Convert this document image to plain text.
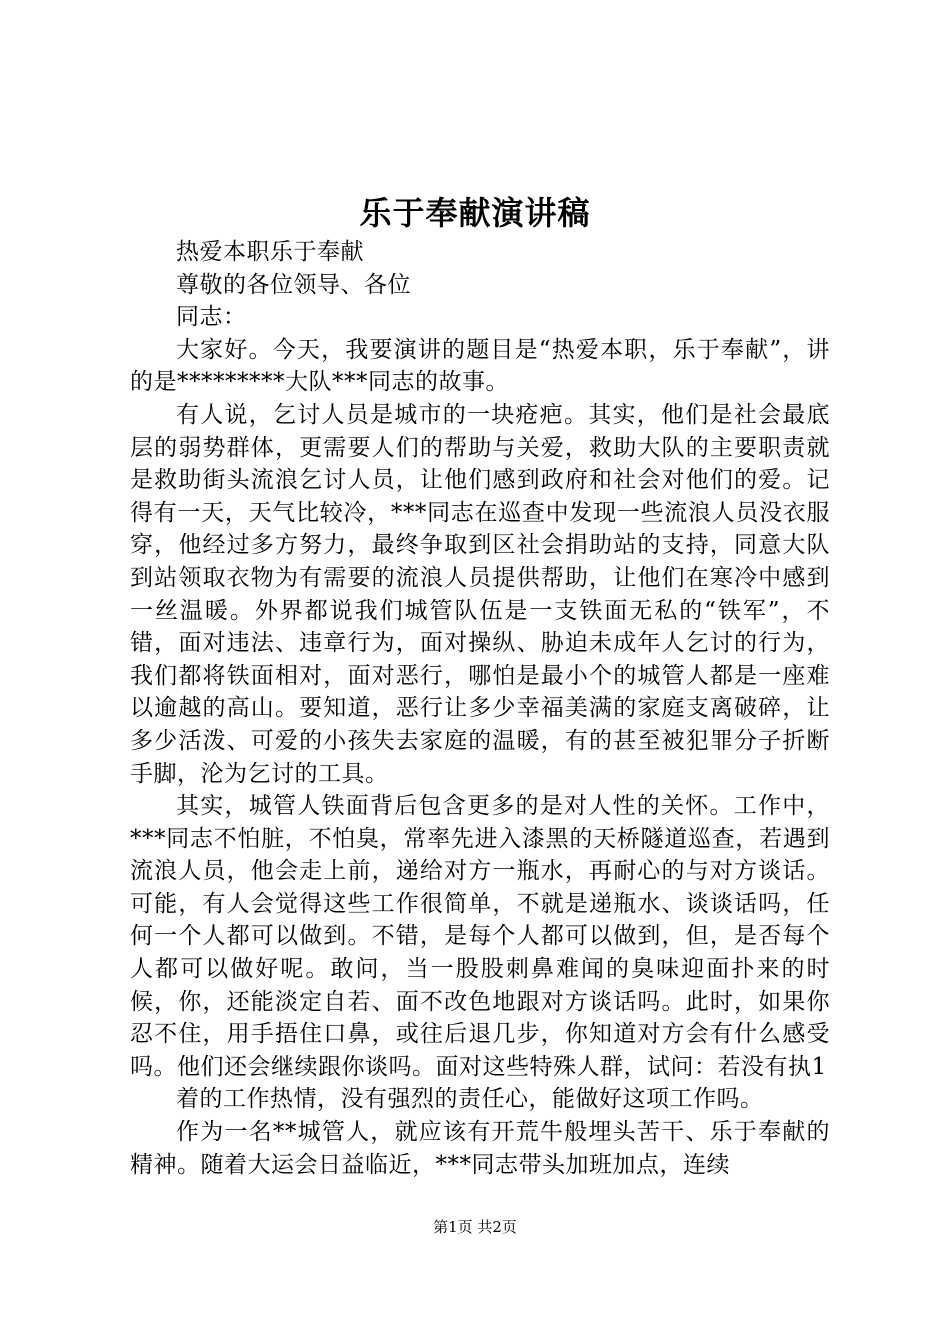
乐于奉献演讲稿

热爱本职乐于奉献

尊敬的各位领导、各位

同志：

大家好。今天，我要演讲的题目是“热爱本职，乐于奉献”，讲的是*********大队***同志的故事。

有人说，乞讨人员是城市的一块疮疤。其实，他们是社会最底层的弱势群体，更需要人们的帮助与关爱，救助大队的主要职责就是救助街头流浪乞讨人员，让他们感到政府和社会对他们的爱。记得有一天，天气比较冷，***同志在巡查中发现一些流浪人员没衣服穿，他经过多方努力，最终争取到区社会捐助站的支持，同意大队到站领取衣物为有需要的流浪人员提供帮助，让他们在寒冷中感到一丝温暖。外界都说我们城管队伍是一支铁面无私的“铁军”，不错，面对违法、违章行为，面对操纵、胁迫未成年人乞讨的行为，我们都将铁面相对，面对恶行，哪怕是最小个的城管人都是一座难以逾越的高山。要知道，恶行让多少幸福美满的家庭支离破碎，让多少活泼、可爱的小孩失去家庭的温暖，有的甚至被犯罪分子折断手脚，沦为乞讨的工具。

其实，城管人铁面背后包含更多的是对人性的关怀。工作中，***同志不怕脏，不怕臭，常率先进入漆黑的天桥隧道巡查，若遇到流浪人员，他会走上前，递给对方一瓶水，再耐心的与对方谈话。可能，有人会觉得这些工作很简单，不就是递瓶水、谈谈话吗，任何一个人都可以做到。不错，是每个人都可以做到，但，是否每个人都可以做好呢。敢问，当一股股刺鼻难闻的臭味迎面扑来的时候，你，还能淡定自若、面不改色地跟对方谈话吗。此时，如果你忍不住，用手捂住口鼻，或往后退几步，你知道对方会有什么感受吗。他们还会继续跟你谈吗。面对这些特殊人群，试问：若没有执1

着的工作热情，没有强烈的责任心，能做好这项工作吗。

作为一名**城管人，就应该有开荒牛般埋头苦干、乐于奉献的精神。随着大运会日益临近，***同志带头加班加点，连续

第1页 共2页
